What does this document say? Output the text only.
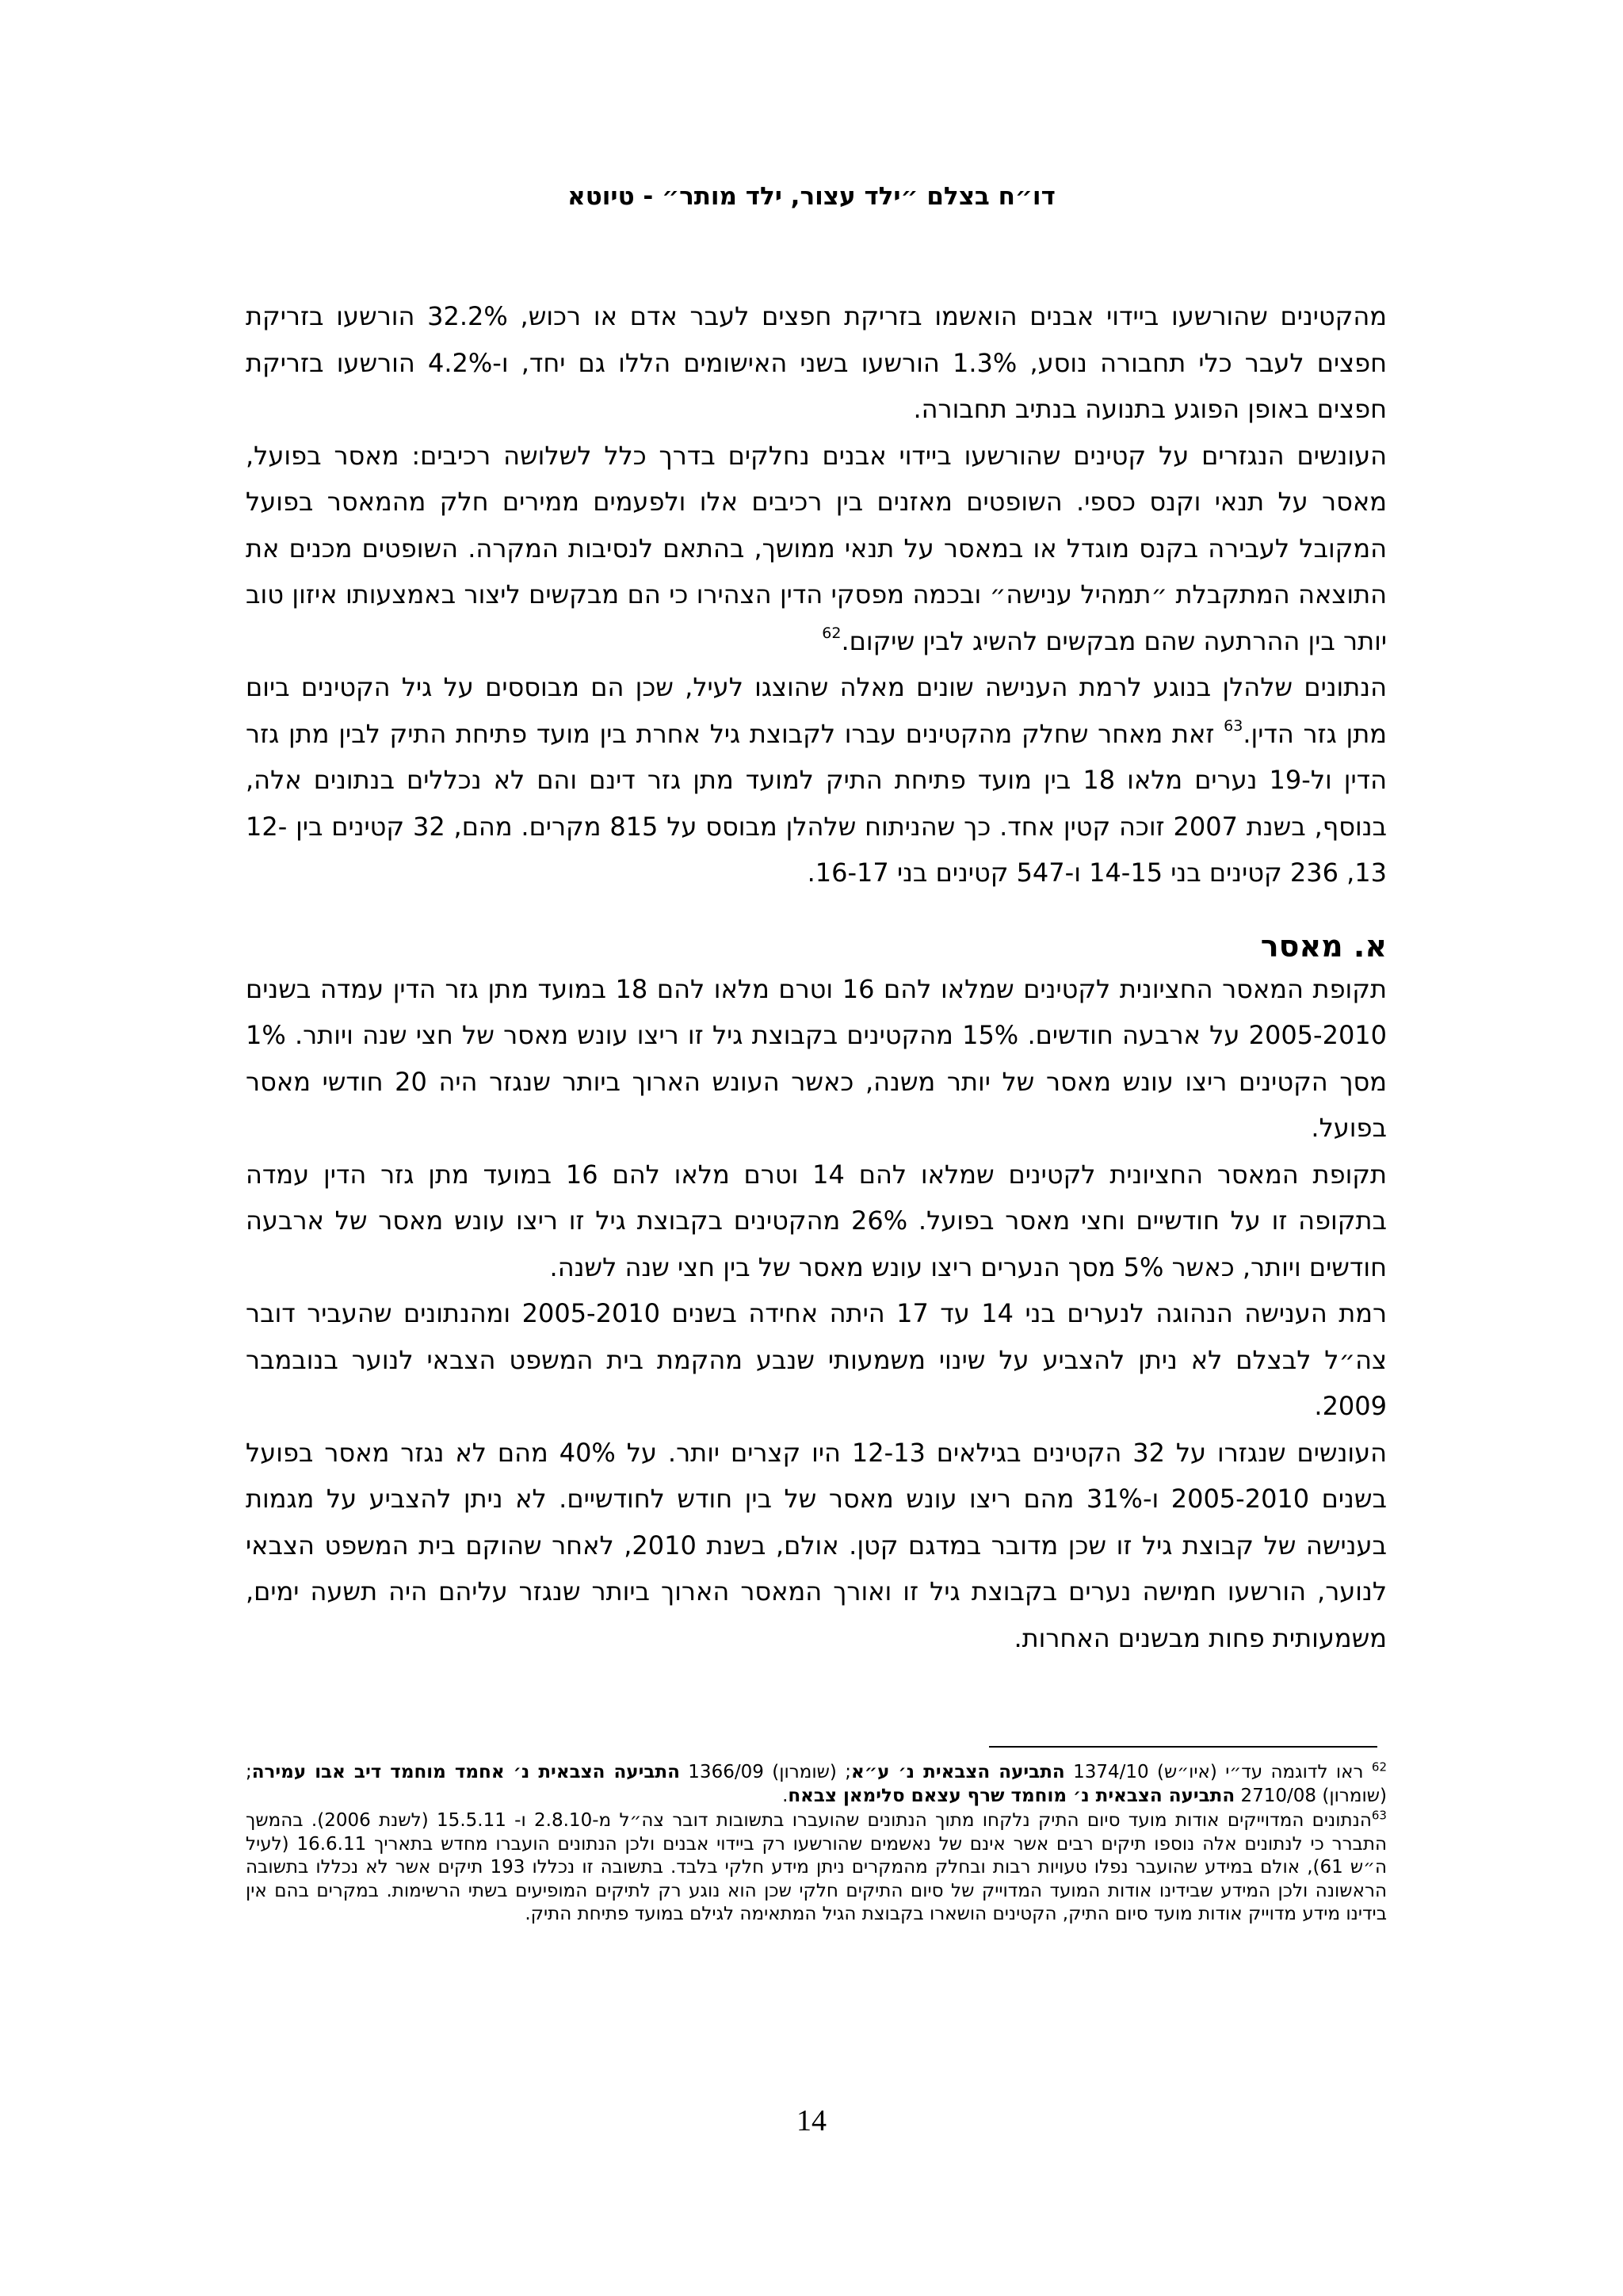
דו״ח בצלם ״ילד עצור, ילד מותר״ - טיוטא

מהקטינים שהורשעו ביידוי אבנים הואשמו בזריקת חפצים לעבר אדם או רכוש, 32.2% הורשעו בזריקת חפצים לעבר כלי תחבורה נוסע, 1.3% הורשעו בשני האישומים הללו גם יחד, ו-4.2% הורשעו בזריקת חפצים באופן הפוגע בתנועה בנתיב תחבורה.

העונשים הנגזרים על קטינים שהורשעו ביידוי אבנים נחלקים בדרך כלל לשלושה רכיבים: מאסר בפועל, מאסר על תנאי וקנס כספי. השופטים מאזנים בין רכיבים אלו ולפעמים ממירים חלק מהמאסר בפועל המקובל לעבירה בקנס מוגדל או במאסר על תנאי ממושך, בהתאם לנסיבות המקרה. השופטים מכנים את התוצאה המתקבלת ״תמהיל ענישה״ ובכמה מפסקי הדין הצהירו כי הם מבקשים ליצור באמצעותו איזון טוב יותר בין ההרתעה שהם מבקשים להשיג לבין שיקום.$^{62}$

הנתונים שלהלן בנוגע לרמת הענישה שונים מאלה שהוצגו לעיל, שכן הם מבוססים על גיל הקטינים ביום מתן גזר הדין.$^{63}$ זאת מאחר שחלק מהקטינים עברו לקבוצת גיל אחרת בין מועד פתיחת התיק לבין מתן גזר הדין ול-19 נערים מלאו 18 בין מועד פתיחת התיק למועד מתן גזר דינם והם לא נכללים בנתונים אלה, בנוסף, בשנת 2007 זוכה קטין אחד. כך שהניתוח שלהלן מבוסס על 815 מקרים. מהם, 32 קטינים בין 12-13, 236 קטינים בני 14-15 ו-547 קטינים בני 16-17.

א. מאסר

תקופת המאסר החציונית לקטינים שמלאו להם 16 וטרם מלאו להם 18 במועד מתן גזר הדין עמדה בשנים 2005-2010 על ארבעה חודשים. 15% מהקטינים בקבוצת גיל זו ריצו עונש מאסר של חצי שנה ויותר. 1% מסך הקטינים ריצו עונש מאסר של יותר משנה, כאשר העונש הארוך ביותר שנגזר היה 20 חודשי מאסר בפועל.

תקופת המאסר החציונית לקטינים שמלאו להם 14 וטרם מלאו להם 16 במועד מתן גזר הדין עמדה בתקופה זו על חודשיים וחצי מאסר בפועל. 26% מהקטינים בקבוצת גיל זו ריצו עונש מאסר של ארבעה חודשים ויותר, כאשר 5% מסך הנערים ריצו עונש מאסר של בין חצי שנה לשנה.

רמת הענישה הנהוגה לנערים בני 14 עד 17 היתה אחידה בשנים 2005-2010 ומהנתונים שהעביר דובר צה״ל לבצלם לא ניתן להצביע על שינוי משמעותי שנבע מהקמת בית המשפט הצבאי לנוער בנובמבר 2009.

העונשים שנגזרו על 32 הקטינים בגילאים 12-13 היו קצרים יותר. על 40% מהם לא נגזר מאסר בפועל בשנים 2005-2010 ו-31% מהם ריצו עונש מאסר של בין חודש לחודשיים. לא ניתן להצביע על מגמות בענישה של קבוצת גיל זו שכן מדובר במדגם קטן. אולם, בשנת 2010, לאחר שהוקם בית המשפט הצבאי לנוער, הורשעו חמישה נערים בקבוצת גיל זו ואורך המאסר הארוך ביותר שנגזר עליהם היה תשעה ימים, משמעותית פחות מבשנים האחרות.

$^{62}$ ראו לדוגמה עד״י (איו״ש) 1374/10 התביעה הצבאית נ׳ ע״א; (שומרון) 1366/09 התביעה הצבאית נ׳ אחמד מוחמד דיב אבו עמירה; (שומרון) 2710/08 התביעה הצבאית נ׳ מוחמד שרף עצאם סלימאן צבאח.

$^{63}$הנתונים המדוייקים אודות מועד סיום התיק נלקחו מתוך הנתונים שהועברו בתשובות דובר צה״ל מ-2.8.10 ו- 15.5.11 (לשנת 2006). בהמשך התברר כי לנתונים אלה נוספו תיקים רבים אשר אינם של נאשמים שהורשעו רק ביידוי אבנים ולכן הנתונים הועברו מחדש בתאריך 16.6.11 (לעיל ה״ש 61), אולם במידע שהועבר נפלו טעויות רבות ובחלק מהמקרים ניתן מידע חלקי בלבד. בתשובה זו נכללו 193 תיקים אשר לא נכללו בתשובה הראשונה ולכן המידע שבידינו אודות המועד המדוייק של סיום התיקים חלקי שכן הוא נוגע רק לתיקים המופיעים בשתי הרשימות. במקרים בהם אין בידינו מידע מדוייק אודות מועד סיום התיק, הקטינים הושארו בקבוצת הגיל המתאימה לגילם במועד פתיחת התיק.

14
